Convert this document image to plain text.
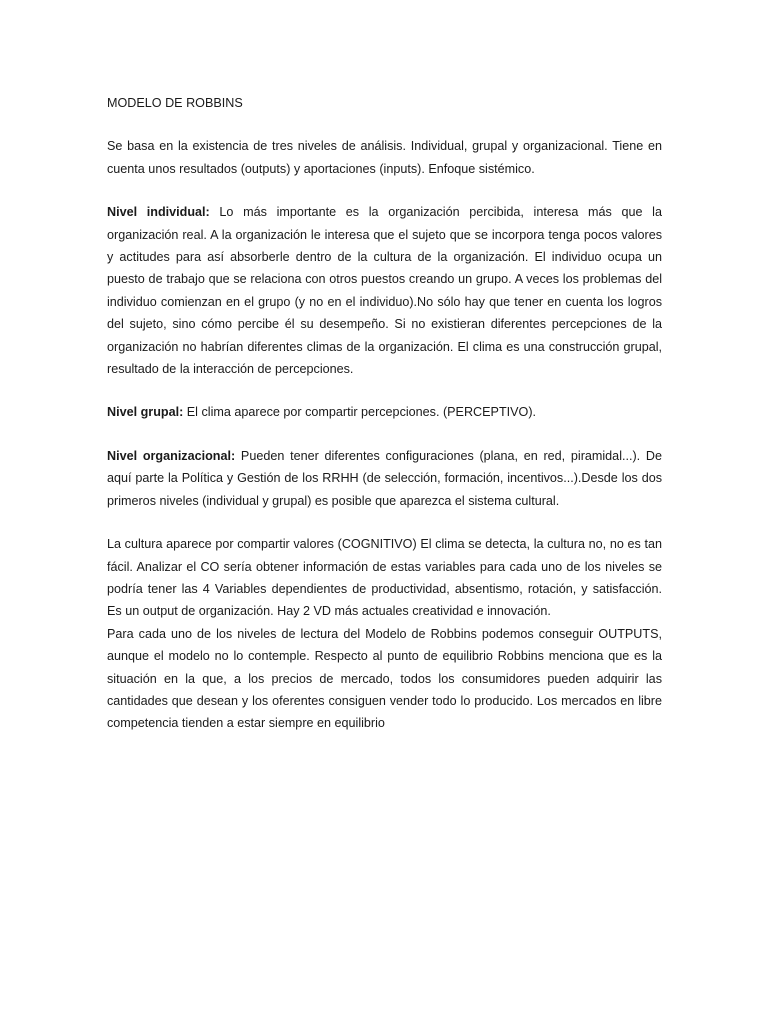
MODELO DE ROBBINS

Se basa en la existencia de tres niveles de análisis. Individual, grupal y organizacional. Tiene en cuenta unos resultados (outputs) y aportaciones (inputs). Enfoque sistémico.

Nivel individual: Lo más importante es la organización percibida, interesa más que la organización real. A la organización le interesa que el sujeto que se incorpora tenga pocos valores y actitudes para así absorberle dentro de la cultura de la organización. El individuo ocupa un puesto de trabajo que se relaciona con otros puestos creando un grupo. A veces los problemas del individuo comienzan en el grupo (y no en el individuo).No sólo hay que tener en cuenta los logros del sujeto, sino cómo percibe él su desempeño. Si no existieran diferentes percepciones de la organización no habrían diferentes climas de la organización. El clima es una construcción grupal, resultado de la interacción de percepciones.

Nivel grupal: El clima aparece por compartir percepciones. (PERCEPTIVO).

Nivel organizacional: Pueden tener diferentes configuraciones (plana, en red, piramidal...). De aquí parte la Política y Gestión de los RRHH (de selección, formación, incentivos...).Desde los dos primeros niveles (individual y grupal) es posible que aparezca el sistema cultural.

La cultura aparece por compartir valores (COGNITIVO) El clima se detecta, la cultura no, no es tan fácil. Analizar el CO sería obtener información de estas variables para cada uno de los niveles se podría tener las 4 Variables dependientes de productividad, absentismo, rotación, y satisfacción. Es un output de organización. Hay 2 VD más actuales creatividad e innovación.

Para cada uno de los niveles de lectura del Modelo de Robbins podemos conseguir OUTPUTS, aunque el modelo no lo contemple. Respecto al punto de equilibrio Robbins menciona que es la situación en la que, a los precios de mercado, todos los consumidores pueden adquirir las cantidades que desean y los oferentes consiguen vender todo lo producido. Los mercados en libre competencia tienden a estar siempre en equilibrio
